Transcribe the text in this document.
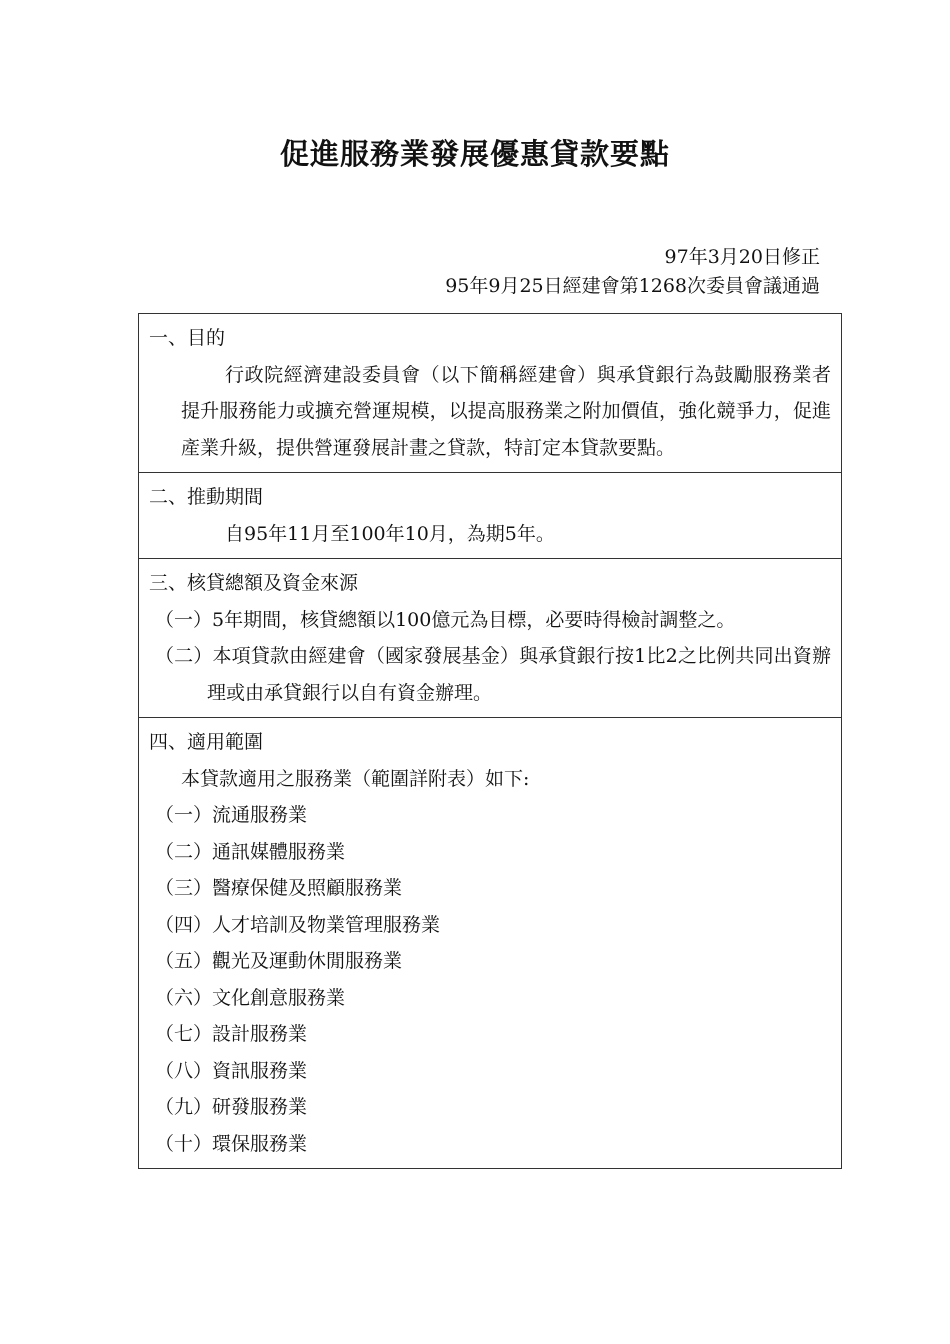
促進服務業發展優惠貸款要點
97年3月20日修正
95年9月25日經建會第1268次委員會議通過

一、目的

行政院經濟建設委員會（以下簡稱經建會）與承貸銀行為鼓勵服務業者提升服務能力或擴充營運規模，以提高服務業之附加價值，強化競爭力，促進產業升級，提供營運發展計畫之貸款，特訂定本貸款要點。

二、推動期間

自95年11月至100年10月，為期5年。

三、核貸總額及資金來源

（一）5年期間，核貸總額以100億元為目標，必要時得檢討調整之。

（二）本項貸款由經建會（國家發展基金）與承貸銀行按1比2之比例共同出資辦理或由承貸銀行以自有資金辦理。

四、適用範圍

本貸款適用之服務業（範圍詳附表）如下:

（一）流通服務業

（二）通訊媒體服務業

（三）醫療保健及照顧服務業

（四）人才培訓及物業管理服務業

（五）觀光及運動休閒服務業

（六）文化創意服務業

（七）設計服務業

（八）資訊服務業

（九）研發服務業

（十）環保服務業
